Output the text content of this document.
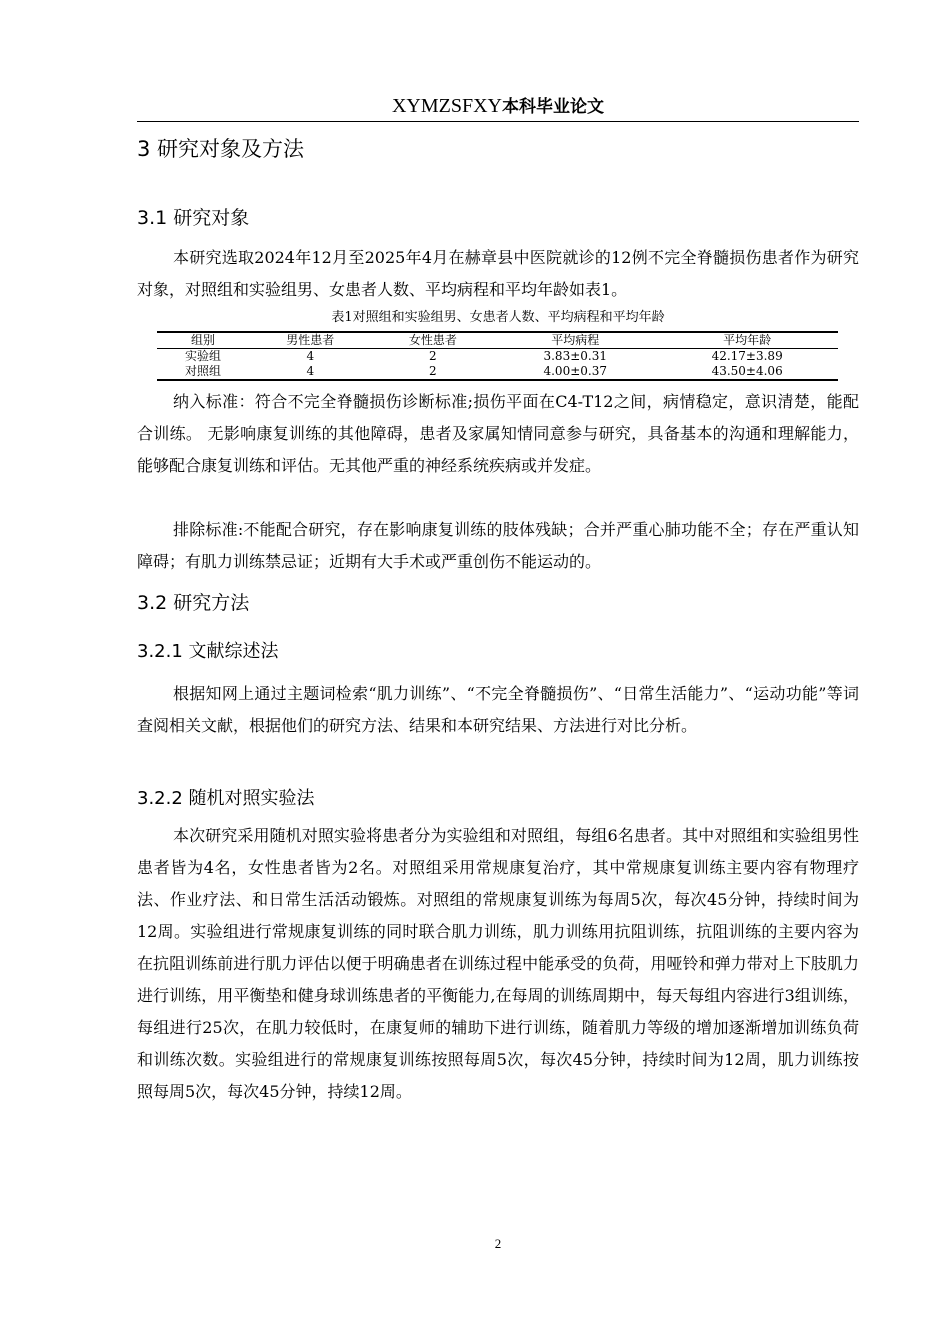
XYMZSFXY本科毕业论文
3 研究对象及方法
3.1 研究对象

本研究选取2024年12月至2025年4月在赫章县中医院就诊的12例不完全脊髓损伤患者作为研究对象，对照组和实验组男、女患者人数、平均病程和平均年龄如表1。

表1对照组和实验组男、女患者人数、平均病程和平均年龄
组别	男性患者	女性患者	平均病程	平均年龄
实验组	4	2	3.83±0.31	42.17±3.89
对照组	4	2	4.00±0.37	43.50±4.06

纳入标准：符合不完全脊髓损伤诊断标准;损伤平面在C4-T12之间，病情稳定，意识清楚，能配合训练。 无影响康复训练的其他障碍，患者及家属知情同意参与研究，具备基本的沟通和理解能力，能够配合康复训练和评估。无其他严重的神经系统疾病或并发症。

排除标准:不能配合研究，存在影响康复训练的肢体残缺；合并严重心肺功能不全；存在严重认知障碍；有肌力训练禁忌证；近期有大手术或严重创伤不能运动的。

3.2 研究方法
3.2.1 文献综述法

根据知网上通过主题词检索“肌力训练”、“不完全脊髓损伤”、“日常生活能力”、“运动功能”等词查阅相关文献，根据他们的研究方法、结果和本研究结果、方法进行对比分析。

3.2.2 随机对照实验法

本次研究采用随机对照实验将患者分为实验组和对照组，每组6名患者。其中对照组和实验组男性患者皆为4名，女性患者皆为2名。对照组采用常规康复治疗，其中常规康复训练主要内容有物理疗法、作业疗法、和日常生活活动锻炼。对照组的常规康复训练为每周5次，每次45分钟，持续时间为12周。实验组进行常规康复训练的同时联合肌力训练，肌力训练用抗阻训练，抗阻训练的主要内容为在抗阻训练前进行肌力评估以便于明确患者在训练过程中能承受的负荷，用哑铃和弹力带对上下肢肌力进行训练，用平衡垫和健身球训练患者的平衡能力,在每周的训练周期中，每天每组内容进行3组训练，每组进行25次，在肌力较低时，在康复师的辅助下进行训练，随着肌力等级的增加逐渐增加训练负荷和训练次数。实验组进行的常规康复训练按照每周5次，每次45分钟，持续时间为12周，肌力训练按照每周5次，每次45分钟，持续12周。

2
